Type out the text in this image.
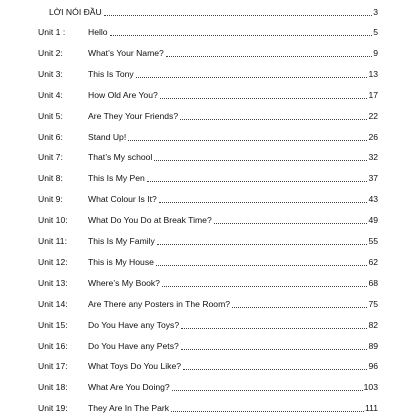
LỜI NÓI ĐẦU	3
Unit 1 :	Hello	5
Unit 2:	What’s Your Name?	9
Unit 3:	This Is Tony	13
Unit 4:	How Old Are You?	17
Unit 5:	Are They Your Friends?	22
Unit 6:	Stand Up!	26
Unit 7:	That’s My school	32
Unit 8:	This Is My Pen	37
Unit 9:	What Colour Is It?	43
Unit 10: What Do You Do at Break Time?	49
Unit 11: This Is My Family	55
Unit 12: This is My House	62
Unit 13: Where’s My Book?	68
Unit 14: Are There any Posters in The Room?	75
Unit 15: Do You Have any Toys?	82
Unit 16: Do You Have any Pets?	89
Unit 17: What Toys Do You Like?	96
Unit 18: What Are You Doing?	103
Unit 19: They Are In The Park	111
